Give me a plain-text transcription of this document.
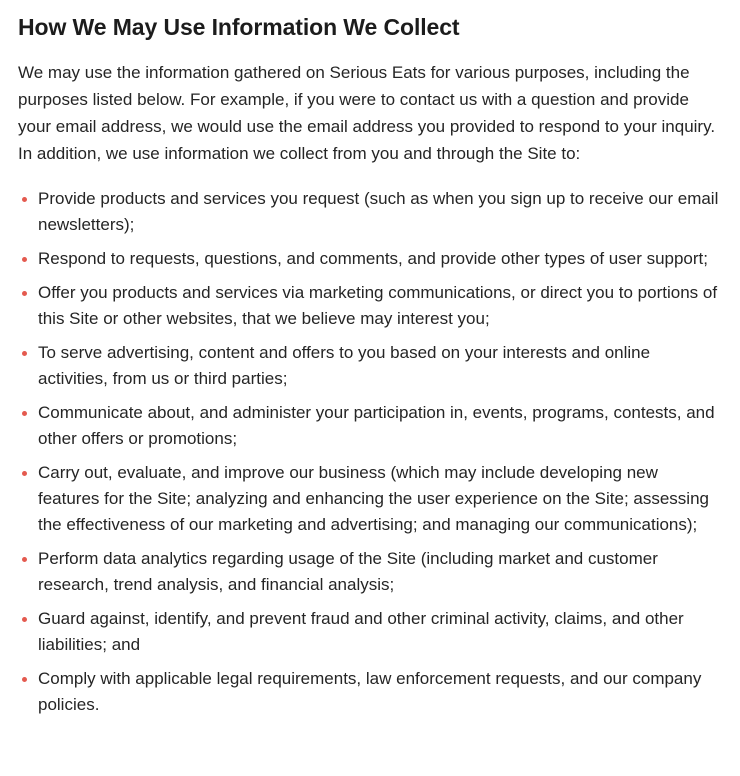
How We May Use Information We Collect

We may use the information gathered on Serious Eats for various purposes, including the purposes listed below. For example, if you were to contact us with a question and provide your email address, we would use the email address you provided to respond to your inquiry. In addition, we use information we collect from you and through the Site to:

Provide products and services you request (such as when you sign up to receive our email newsletters);
Respond to requests, questions, and comments, and provide other types of user support;
Offer you products and services via marketing communications, or direct you to portions of this Site or other websites, that we believe may interest you;
To serve advertising, content and offers to you based on your interests and online activities, from us or third parties;
Communicate about, and administer your participation in, events, programs, contests, and other offers or promotions;
Carry out, evaluate, and improve our business (which may include developing new features for the Site; analyzing and enhancing the user experience on the Site; assessing the effectiveness of our marketing and advertising; and managing our communications);
Perform data analytics regarding usage of the Site (including market and customer research, trend analysis, and financial analysis;
Guard against, identify, and prevent fraud and other criminal activity, claims, and other liabilities; and
Comply with applicable legal requirements, law enforcement requests, and our company policies.
